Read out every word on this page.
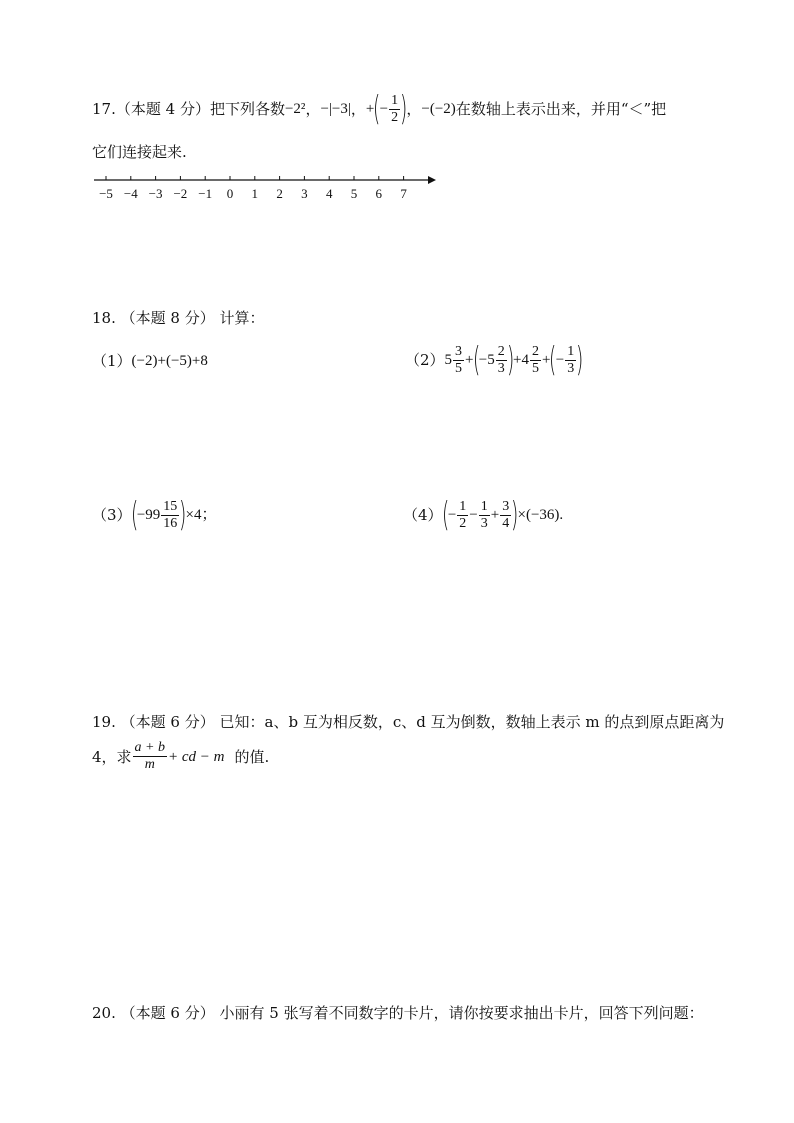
17. （本题 4 分） 把下列各数 −2² ， −|−3| ， +
(
− $\frac{1}{2}$ )
， −(−2) 在数轴上表示出来，并用“＜”把
它们连接起来.
−5 −4 −3 −2 −1 0 1 2 3 4 5 6 7
18. （本题 8 分） 计算：
（1） (−2)+(−5)+8	（2） $5 \frac{3}{5}$ +
(
$-5 \frac{2}{3}$ )
+ $4 \frac{2}{5}$ +
(
− $\frac{1}{3}$ )
（3）
(
$-99 \frac{15}{16}$ )
×4；	（4）
(
− $\frac{1}{2} - \frac{1}{3} + \frac{3}{4}$ )
× ( −36 ) .
19. （本题 6 分） 已知：a、b 互为相反数，c、d 互为倒数，数轴上表示 m 的点到原点距离为
4，求 $\frac{a + b}{m}$ + cd − m 的值.
20. （本题 6 分） 小丽有 5 张写着不同数字的卡片，请你按要求抽出卡片，回答下列问题：
